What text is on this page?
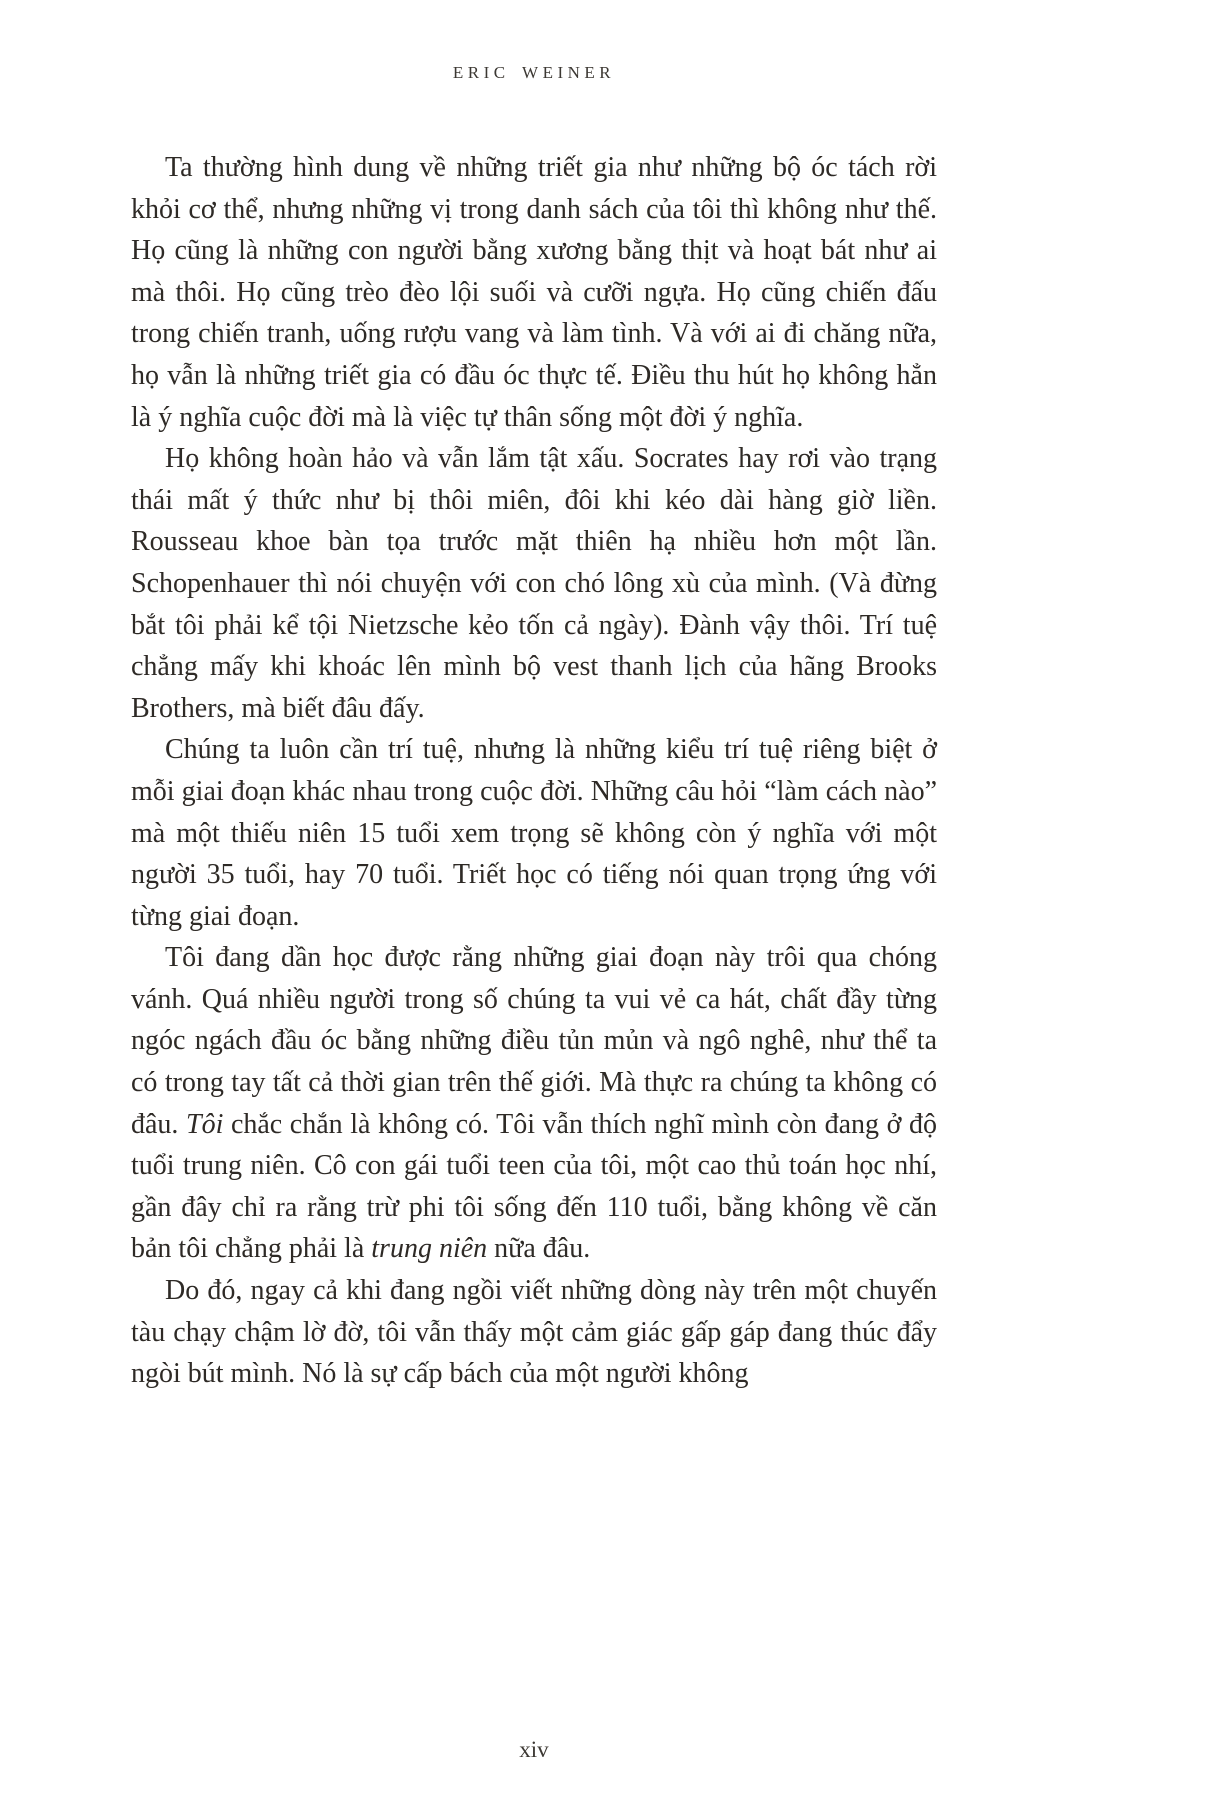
ERIC WEINER

Ta thường hình dung về những triết gia như những bộ óc tách rời khỏi cơ thể, nhưng những vị trong danh sách của tôi thì không như thế. Họ cũng là những con người bằng xương bằng thịt và hoạt bát như ai mà thôi. Họ cũng trèo đèo lội suối và cưỡi ngựa. Họ cũng chiến đấu trong chiến tranh, uống rượu vang và làm tình. Và với ai đi chăng nữa, họ vẫn là những triết gia có đầu óc thực tế. Điều thu hút họ không hẳn là ý nghĩa cuộc đời mà là việc tự thân sống một đời ý nghĩa.

Họ không hoàn hảo và vẫn lắm tật xấu. Socrates hay rơi vào trạng thái mất ý thức như bị thôi miên, đôi khi kéo dài hàng giờ liền. Rousseau khoe bàn tọa trước mặt thiên hạ nhiều hơn một lần. Schopenhauer thì nói chuyện với con chó lông xù của mình. (Và đừng bắt tôi phải kể tội Nietzsche kẻo tốn cả ngày). Đành vậy thôi. Trí tuệ chẳng mấy khi khoác lên mình bộ vest thanh lịch của hãng Brooks Brothers, mà biết đâu đấy.

Chúng ta luôn cần trí tuệ, nhưng là những kiểu trí tuệ riêng biệt ở mỗi giai đoạn khác nhau trong cuộc đời. Những câu hỏi “làm cách nào” mà một thiếu niên 15 tuổi xem trọng sẽ không còn ý nghĩa với một người 35 tuổi, hay 70 tuổi. Triết học có tiếng nói quan trọng ứng với từng giai đoạn.

Tôi đang dần học được rằng những giai đoạn này trôi qua chóng vánh. Quá nhiều người trong số chúng ta vui vẻ ca hát, chất đầy từng ngóc ngách đầu óc bằng những điều tủn mủn và ngô nghê, như thể ta có trong tay tất cả thời gian trên thế giới. Mà thực ra chúng ta không có đâu. Tôi chắc chắn là không có. Tôi vẫn thích nghĩ mình còn đang ở độ tuổi trung niên. Cô con gái tuổi teen của tôi, một cao thủ toán học nhí, gần đây chỉ ra rằng trừ phi tôi sống đến 110 tuổi, bằng không về căn bản tôi chẳng phải là trung niên nữa đâu.

Do đó, ngay cả khi đang ngồi viết những dòng này trên một chuyến tàu chạy chậm lờ đờ, tôi vẫn thấy một cảm giác gấp gáp đang thúc đẩy ngòi bút mình. Nó là sự cấp bách của một người không

xiv
